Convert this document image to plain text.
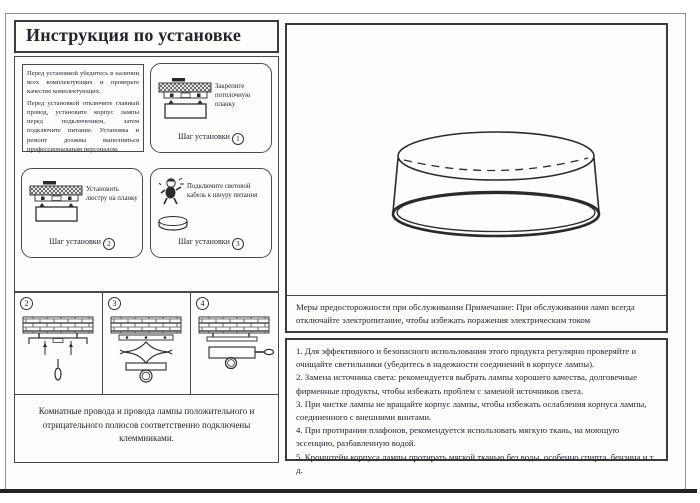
Инструкция по установке

Перед установкой убедитесь в наличии всех комплектующих и проверьте качество комплектующих.

Перед установкой отключите главный провод, установите корпус лампы перед подключением, затем подключите питание. Установка и ремонт должны выполняться профессиональным персоналом.

Закрепите потолочную планку
Шаг установки 1
Установить люстру на планку
Шаг установки 2
Подключите световой кабель к шнуру питания
Шаг установки 3
2	3	4
Комнатные провода и провода лампы положительного и отрицательного полюсов соответственно подключены клеммниками.
Меры предосторожности при обслуживании Примечание: При обслуживании ламп всегда отключайте электропитание, чтобы избежать поражения электрическим током

1. Для эффективного и безопасного использования этого продукта регулярно проверяйте и очищайте светильники (убедитесь в надежности соединений в корпусе лампы).

2. Замена источника света: рекомендуется выбрать лампы хорошего качества, долговечные фирменные продукты, чтобы избежать проблем с заменой источников света.

3. При чистке лампы не вращайте корпус лампы, чтобы избежать ослабления корпуса лампы, соединенного с внешними винтами.

4. При протирании плафонов, рекомендуется использовать мягкую ткань, на моющую эссенцию, разбавленную водой.

5. Кронштейн корпуса лампы протирать мягкой тканью без воды, особенно спирта, бензина и т. д.
